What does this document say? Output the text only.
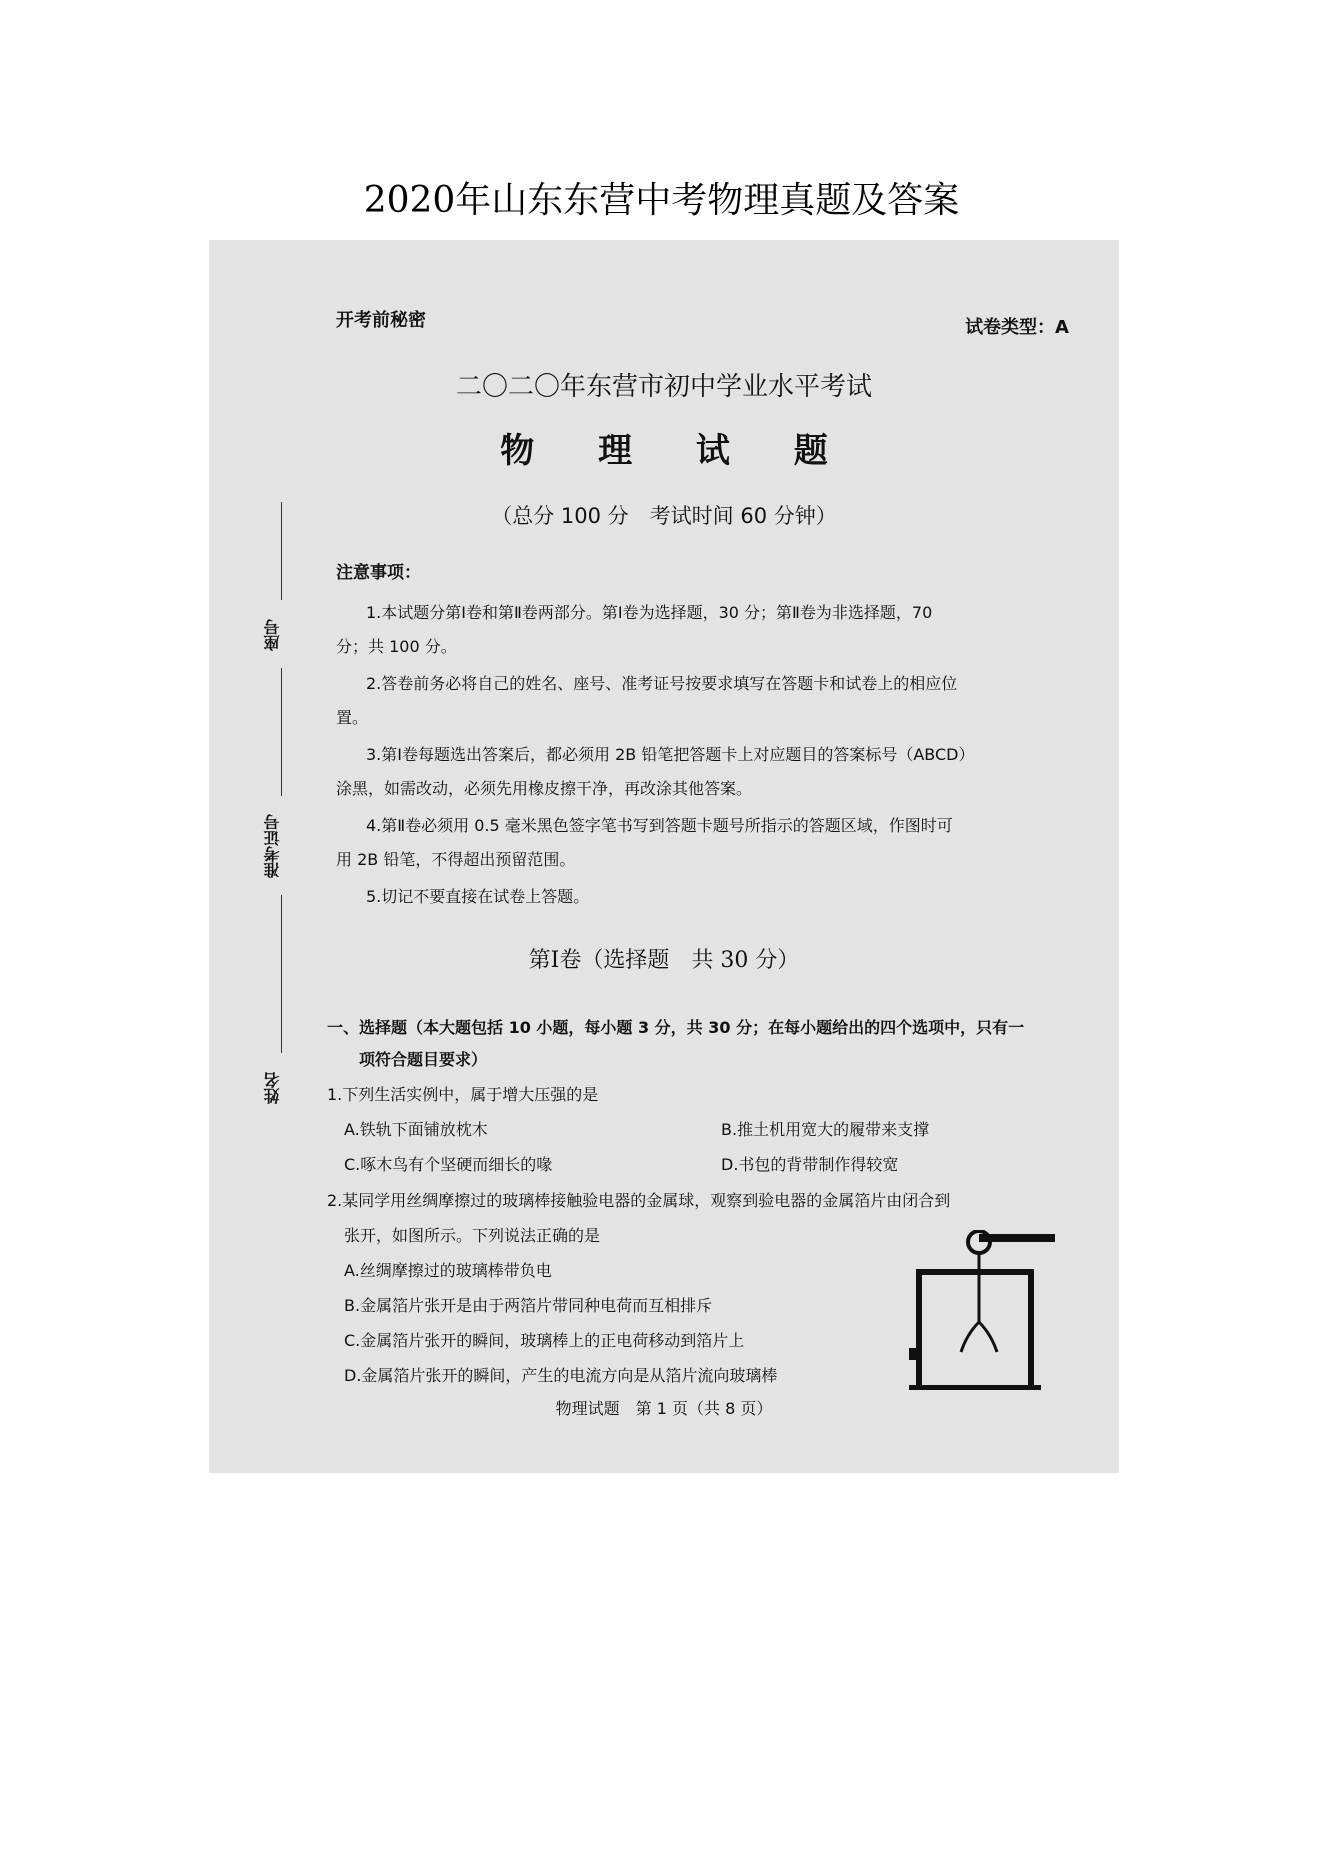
2020年山东东营中考物理真题及答案
开考前秘密	试卷类型：A
二〇二〇年东营市初中学业水平考试
物 理 试 题
（总分 100 分　考试时间 60 分钟）
注意事项：
1.本试题分第Ⅰ卷和第Ⅱ卷两部分。第Ⅰ卷为选择题，30 分；第Ⅱ卷为非选择题，70
分；共 100 分。
2.答卷前务必将自己的姓名、座号、准考证号按要求填写在答题卡和试卷上的相应位
置。
3.第Ⅰ卷每题选出答案后，都必须用 2B 铅笔把答题卡上对应题目的答案标号（ABCD）
涂黑，如需改动，必须先用橡皮擦干净，再改涂其他答案。
4.第Ⅱ卷必须用 0.5 毫米黑色签字笔书写到答题卡题号所指示的答题区域，作图时可
用 2B 铅笔，不得超出预留范围。
5.切记不要直接在试卷上答题。
第Ⅰ卷（选择题　共 30 分）
一、选择题（本大题包括 10 小题，每小题 3 分，共 30 分；在每小题给出的四个选项中，只有一
项符合题目要求）
1.下列生活实例中，属于增大压强的是
A.铁轨下面铺放枕木	B.推土机用宽大的履带来支撑
C.啄木鸟有个坚硬而细长的喙	D.书包的背带制作得较宽
2.某同学用丝绸摩擦过的玻璃棒接触验电器的金属球，观察到验电器的金属箔片由闭合到
张开，如图所示。下列说法正确的是
A.丝绸摩擦过的玻璃棒带负电
B.金属箔片张开是由于两箔片带同种电荷而互相排斥
C.金属箔片张开的瞬间，玻璃棒上的正电荷移动到箔片上
D.金属箔片张开的瞬间，产生的电流方向是从箔片流向玻璃棒
物理试题　第 1 页（共 8 页）
座号
准考证号
姓名
